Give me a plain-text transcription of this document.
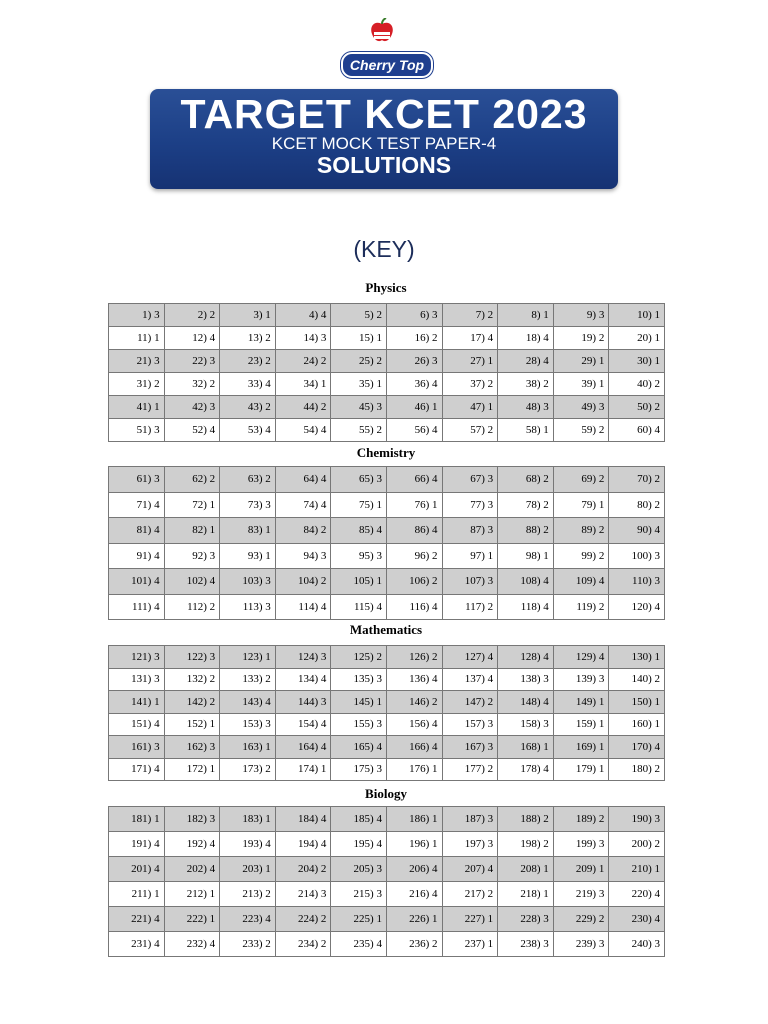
Cherry Top
TARGET KCET 2023
KCET MOCK TEST PAPER-4
SOLUTIONS
(KEY)
Physics
1) 3	2) 2	3) 1	4) 4	5) 2	6) 3	7) 2	8) 1	9) 3	10) 1
11) 1	12) 4	13) 2	14) 3	15) 1	16) 2	17) 4	18) 4	19) 2	20) 1
21) 3	22) 3	23) 2	24) 2	25) 2	26) 3	27) 1	28) 4	29) 1	30) 1
31) 2	32) 2	33) 4	34) 1	35) 1	36) 4	37) 2	38) 2	39) 1	40) 2
41) 1	42) 3	43) 2	44) 2	45) 3	46) 1	47) 1	48) 3	49) 3	50) 2
51) 3	52) 4	53) 4	54) 4	55) 2	56) 4	57) 2	58) 1	59) 2	60) 4
Chemistry
61) 3	62) 2	63) 2	64) 4	65) 3	66) 4	67) 3	68) 2	69) 2	70) 2
71) 4	72) 1	73) 3	74) 4	75) 1	76) 1	77) 3	78) 2	79) 1	80) 2
81) 4	82) 1	83) 1	84) 2	85) 4	86) 4	87) 3	88) 2	89) 2	90) 4
91) 4	92) 3	93) 1	94) 3	95) 3	96) 2	97) 1	98) 1	99) 2	100) 3
101) 4	102) 4	103) 3	104) 2	105) 1	106) 2	107) 3	108) 4	109) 4	110) 3
111) 4	112) 2	113) 3	114) 4	115) 4	116) 4	117) 2	118) 4	119) 2	120) 4
Mathematics
121) 3	122) 3	123) 1	124) 3	125) 2	126) 2	127) 4	128) 4	129) 4	130) 1
131) 3	132) 2	133) 2	134) 4	135) 3	136) 4	137) 4	138) 3	139) 3	140) 2
141) 1	142) 2	143) 4	144) 3	145) 1	146) 2	147) 2	148) 4	149) 1	150) 1
151) 4	152) 1	153) 3	154) 4	155) 3	156) 4	157) 3	158) 3	159) 1	160) 1
161) 3	162) 3	163) 1	164) 4	165) 4	166) 4	167) 3	168) 1	169) 1	170) 4
171) 4	172) 1	173) 2	174) 1	175) 3	176) 1	177) 2	178) 4	179) 1	180) 2
Biology
181) 1	182) 3	183) 1	184) 4	185) 4	186) 1	187) 3	188) 2	189) 2	190) 3
191) 4	192) 4	193) 4	194) 4	195) 4	196) 1	197) 3	198) 2	199) 3	200) 2
201) 4	202) 4	203) 1	204) 2	205) 3	206) 4	207) 4	208) 1	209) 1	210) 1
211) 1	212) 1	213) 2	214) 3	215) 3	216) 4	217) 2	218) 1	219) 3	220) 4
221) 4	222) 1	223) 4	224) 2	225) 1	226) 1	227) 1	228) 3	229) 2	230) 4
231) 4	232) 4	233) 2	234) 2	235) 4	236) 2	237) 1	238) 3	239) 3	240) 3
